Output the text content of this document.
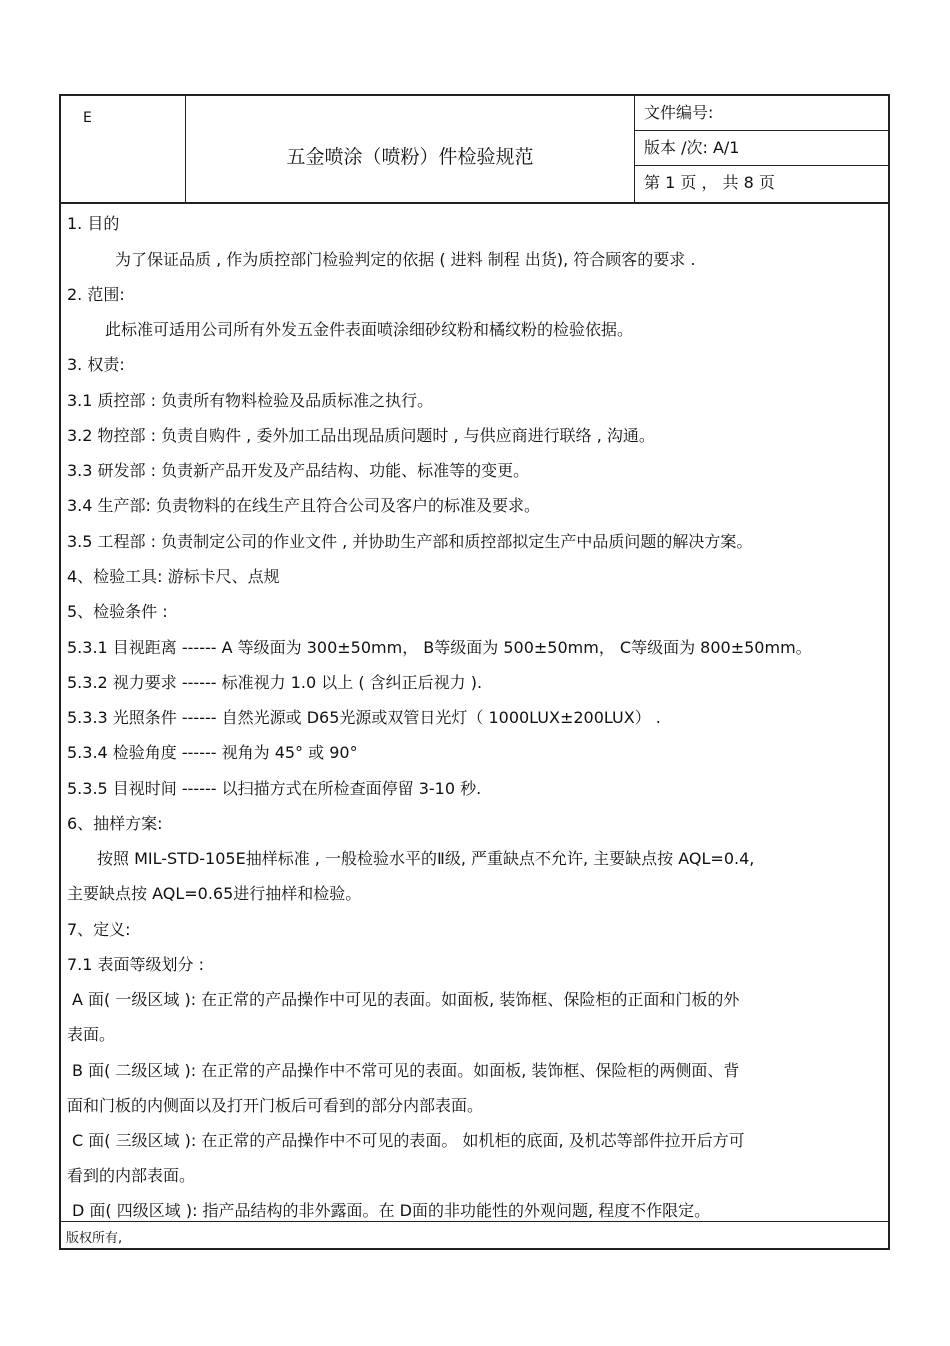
E
五金喷涂（喷粉）件检验规范
文件编号:
版本 /次: A/1
第 1 页 ， 共 8 页
1. 目的
为了保证品质 , 作为质控部门检验判定的依据 ( 进料 制程 出货), 符合顾客的要求 .
2. 范围:
此标准可适用公司所有外发五金件表面喷涂细砂纹粉和橘纹粉的检验依据。
3. 权责:
3.1 质控部 : 负责所有物料检验及品质标准之执行。
3.2 物控部 : 负责自购件 , 委外加工品出现品质问题时 , 与供应商进行联络 , 沟通。
3.3 研发部 : 负责新产品开发及产品结构、功能、标准等的变更。
3.4 生产部: 负责物料的在线生产且符合公司及客户的标准及要求。
3.5 工程部 : 负责制定公司的作业文件 , 并协助生产部和质控部拟定生产中品质问题的解决方案。
4、检验工具: 游标卡尺、点规
5、检验条件 :
5.3.1 目视距离 ------ A 等级面为 300±50mm， B等级面为 500±50mm， C等级面为 800±50mm。
5.3.2 视力要求 ------ 标准视力 1.0 以上 ( 含纠正后视力 ).
5.3.3 光照条件 ------ 自然光源或 D65光源或双管日光灯（ 1000LUX±200LUX） .
5.3.4 检验角度 ------ 视角为 45° 或 90°
5.3.5 目视时间 ------ 以扫描方式在所检查面停留 3-10 秒.
6、抽样方案:
按照 MIL-STD-105E抽样标准 , 一般检验水平的Ⅱ级, 严重缺点不允许, 主要缺点按 AQL=0.4,
主要缺点按 AQL=0.65进行抽样和检验。
7、定义:
7.1 表面等级划分 :
A 面( 一级区域 ): 在正常的产品操作中可见的表面。如面板, 装饰框、保险柜的正面和门板的外
表面。
B 面( 二级区域 ): 在正常的产品操作中不常可见的表面。如面板, 装饰框、保险柜的两侧面、背
面和门板的内侧面以及打开门板后可看到的部分内部表面。
C 面( 三级区域 ): 在正常的产品操作中不可见的表面。 如机柜的底面, 及机芯等部件拉开后方可
看到的内部表面。
D 面( 四级区域 ): 指产品结构的非外露面。在 D面的非功能性的外观问题, 程度不作限定。
版权所有,
